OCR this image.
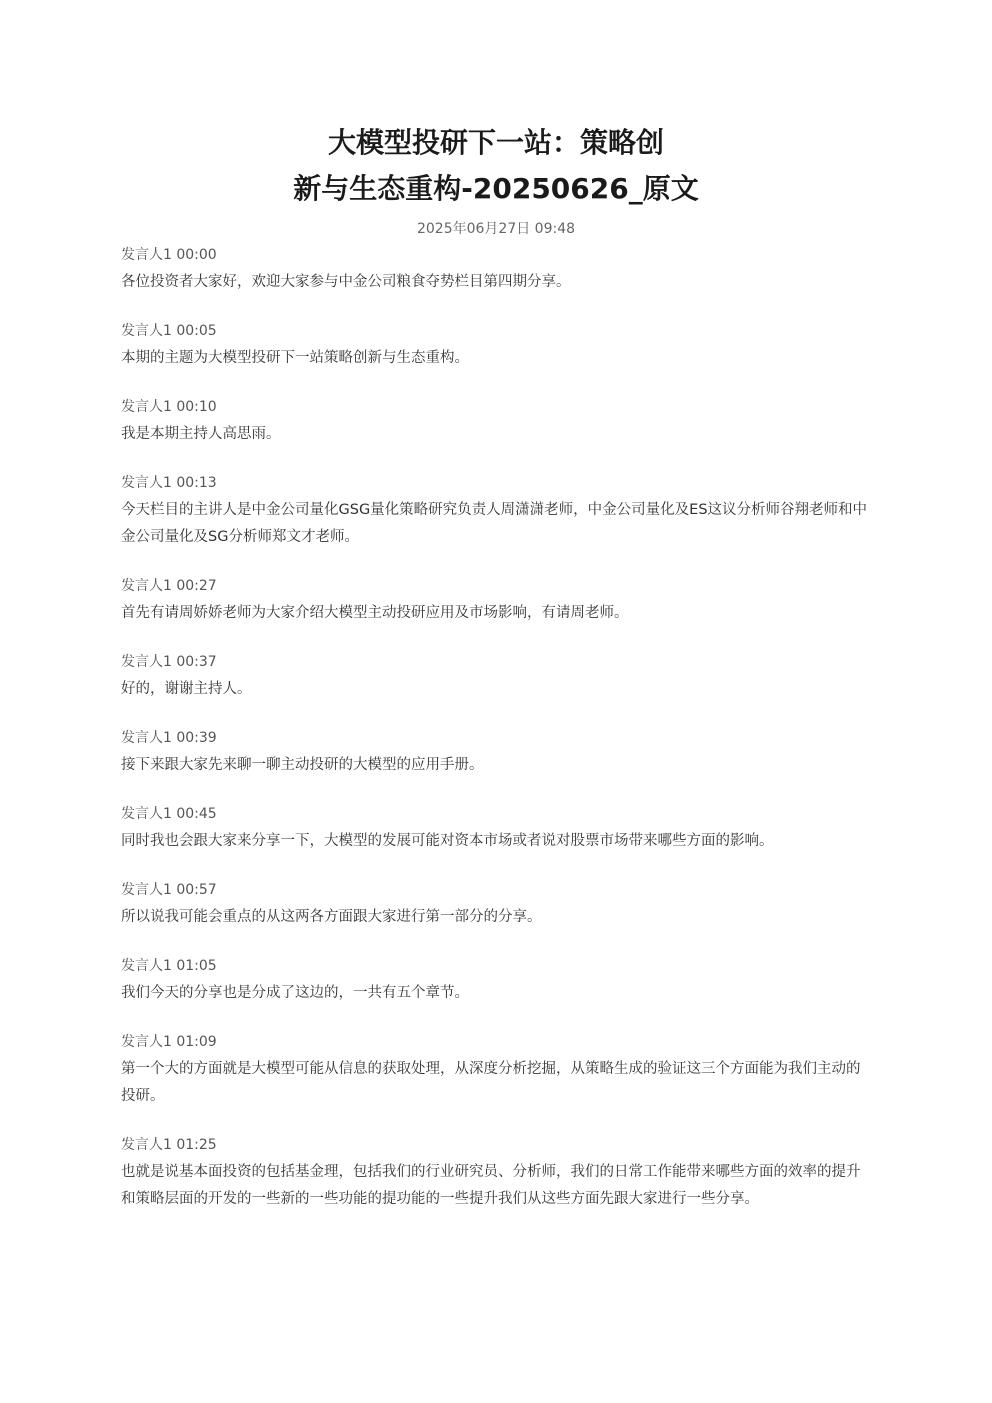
大模型投研下一站：策略创
新与生态重构-20250626_原文
2025年06月27日 09:48
发言人1 00:00
各位投资者大家好，欢迎大家参与中金公司粮食夺势栏目第四期分享。
发言人1 00:05
本期的主题为大模型投研下一站策略创新与生态重构。
发言人1 00:10
我是本期主持人高思雨。
发言人1 00:13
今天栏目的主讲人是中金公司量化GSG量化策略研究负责人周潇潇老师，中金公司量化及ES这议分析师谷翔老师和中金公司量化及SG分析师郑文才老师。
发言人1 00:27
首先有请周娇娇老师为大家介绍大模型主动投研应用及市场影响，有请周老师。
发言人1 00:37
好的，谢谢主持人。
发言人1 00:39
接下来跟大家先来聊一聊主动投研的大模型的应用手册。
发言人1 00:45
同时我也会跟大家来分享一下，大模型的发展可能对资本市场或者说对股票市场带来哪些方面的影响。
发言人1 00:57
所以说我可能会重点的从这两各方面跟大家进行第一部分的分享。
发言人1 01:05
我们今天的分享也是分成了这边的，一共有五个章节。
发言人1 01:09
第一个大的方面就是大模型可能从信息的获取处理，从深度分析挖掘，从策略生成的验证这三个方面能为我们主动的投研。
发言人1 01:25
也就是说基本面投资的包括基金理，包括我们的行业研究员、分析师，我们的日常工作能带来哪些方面的效率的提升和策略层面的开发的一些新的一些功能的提功能的一些提升我们从这些方面先跟大家进行一些分享。
